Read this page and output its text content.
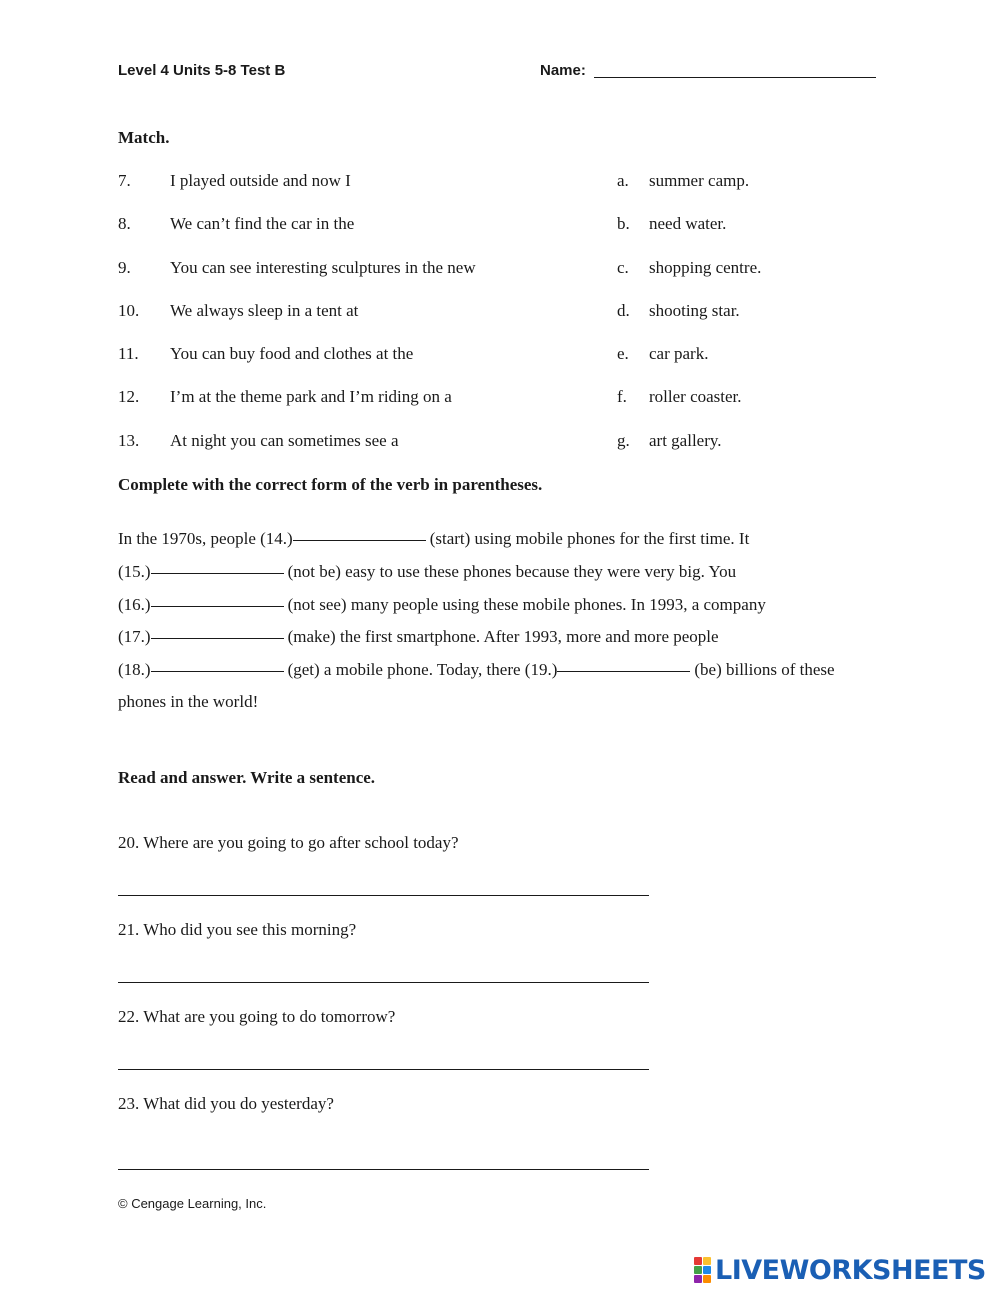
Level 4 Units 5-8 Test B	Name:
Match.
7. I played outside and now I	a. summer camp.
8. We can’t find the car in the	b. need water.
9. You can see interesting sculptures in the new	c. shopping centre.
10. We always sleep in a tent at	d. shooting star.
11. You can buy food and clothes at the	e. car park.
12. I’m at the theme park and I’m riding on a	f. roller coaster.
13. At night you can sometimes see a	g. art gallery.
Complete with the correct form of the verb in parentheses.
In the 1970s, people (14.)	(start) using mobile phones for the first time. It
(15.)	(not be) easy to use these phones because they were very big. You
(16.)	(not see) many people using these mobile phones. In 1993, a company
(17.)	(make) the first smartphone. After 1993, more and more people
(18.)	(get) a mobile phone. Today, there (19.)	(be) billions of these
phones in the world!
Read and answer. Write a sentence.
20. Where are you going to go after school today?
21. Who did you see this morning?
22. What are you going to do tomorrow?
23. What did you do yesterday?
© Cengage Learning, Inc.
LIVEWORKSHEETS
